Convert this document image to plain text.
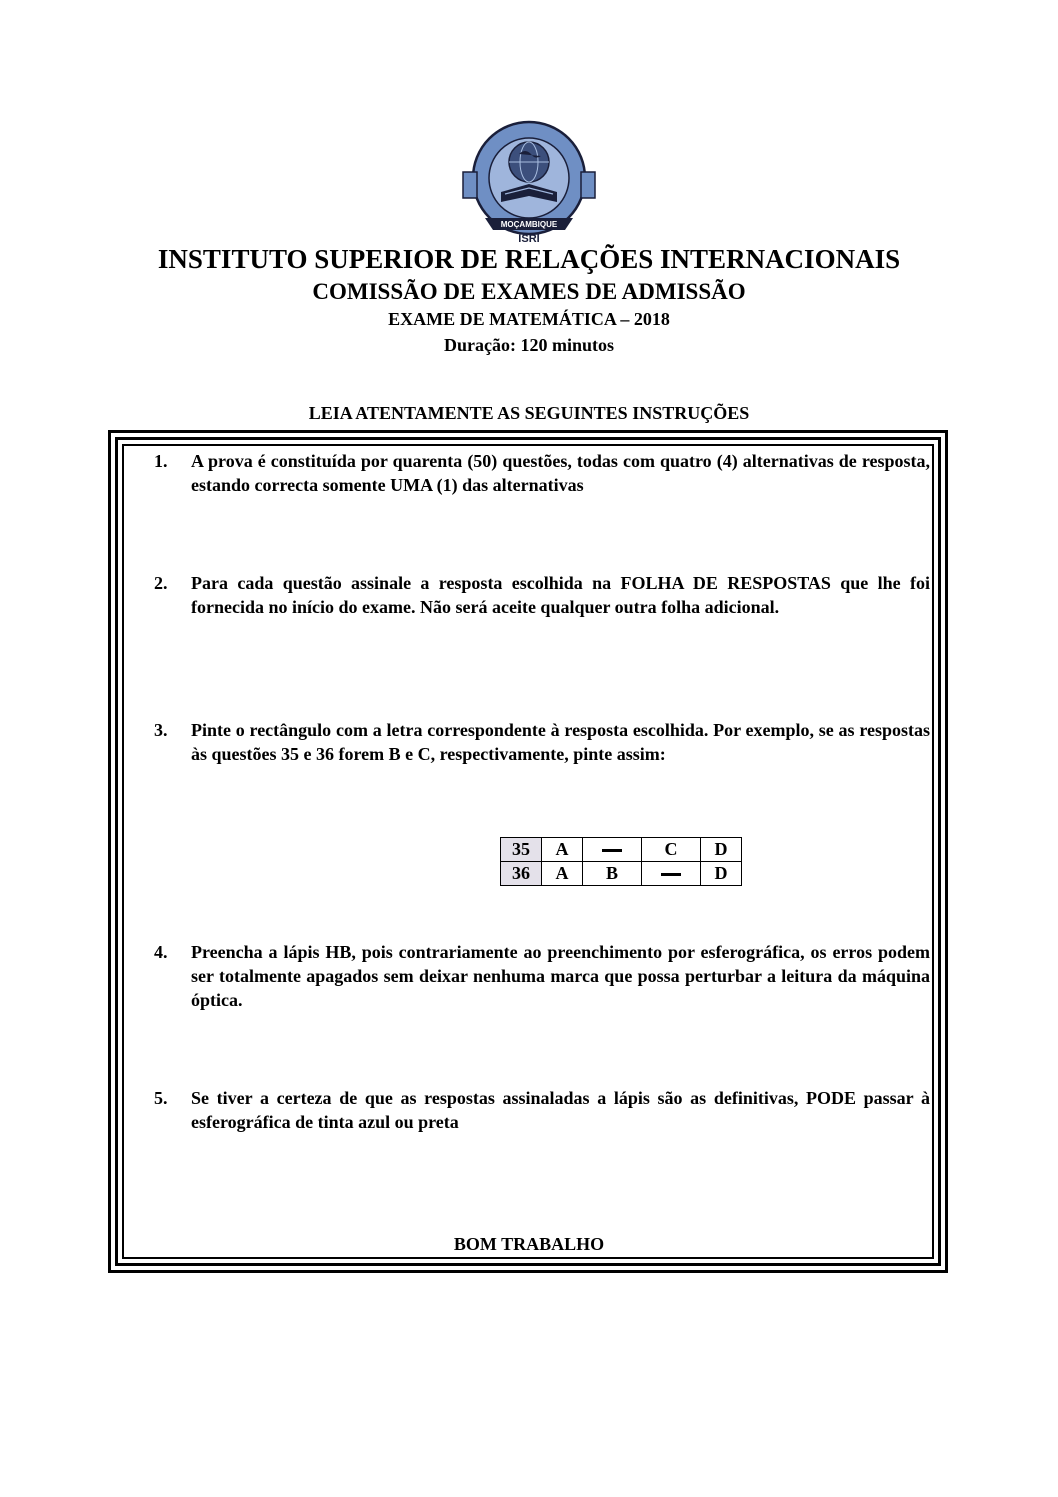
MOÇAMBIQUE
ISRI
INSTITUTO SUPERIOR DE RELAÇÕES INTERNACIONAIS
COMISSÃO DE EXAMES DE ADMISSÃO
EXAME DE MATEMÁTICA – 2018
Duração: 120 minutos
LEIA ATENTAMENTE AS SEGUINTES INSTRUÇÕES
1. A prova é constituída por quarenta (50) questões, todas com quatro (4) alternativas de resposta, estando correcta somente UMA (1) das alternativas
2. Para cada questão assinale a resposta escolhida na FOLHA DE RESPOSTAS que lhe foi fornecida no início do exame. Não será aceite qualquer outra folha adicional.
3. Pinte o rectângulo com a letra correspondente à resposta escolhida. Por exemplo, se as respostas às questões 35 e 36 forem B e C, respectivamente, pinte assim:
35	A		C	D
36	A	B		D
4. Preencha a lápis HB, pois contrariamente ao preenchimento por esferográfica, os erros podem ser totalmente apagados sem deixar nenhuma marca que possa perturbar a leitura da máquina óptica.
5. Se tiver a certeza de que as respostas assinaladas a lápis são as definitivas, PODE passar à esferográfica de tinta azul ou preta
BOM TRABALHO
